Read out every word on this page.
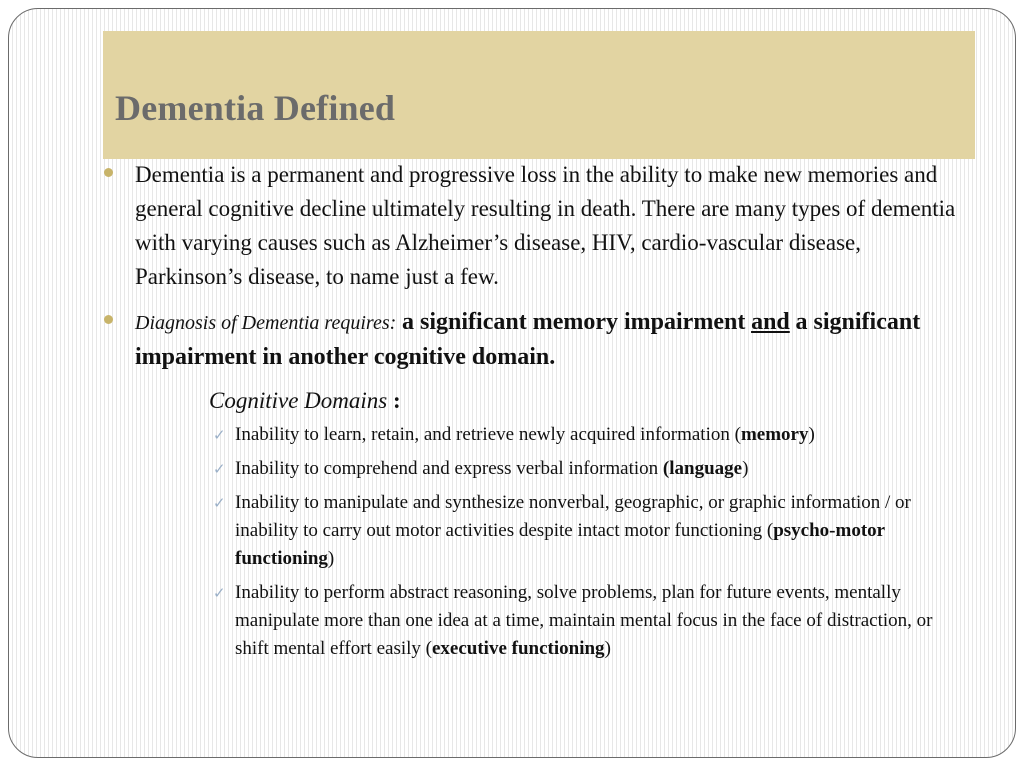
Dementia Defined
Dementia is a permanent and progressive loss in the ability to make new memories and general cognitive decline ultimately resulting in death. There are many types of dementia with varying causes such as Alzheimer’s disease, HIV, cardio-vascular disease, Parkinson’s disease, to name just a few.
Diagnosis of Dementia requires: a significant memory impairment and a significant impairment in another cognitive domain.
Cognitive Domains :
✓ Inability to learn, retain, and retrieve newly acquired information (memory)
✓ Inability to comprehend and express verbal information (language)
✓ Inability to manipulate and synthesize nonverbal, geographic, or graphic information / or inability to carry out motor activities despite intact motor functioning (psycho-motor functioning)
✓ Inability to perform abstract reasoning, solve problems, plan for future events, mentally manipulate more than one idea at a time, maintain mental focus in the face of distraction, or shift mental effort easily (executive functioning)
